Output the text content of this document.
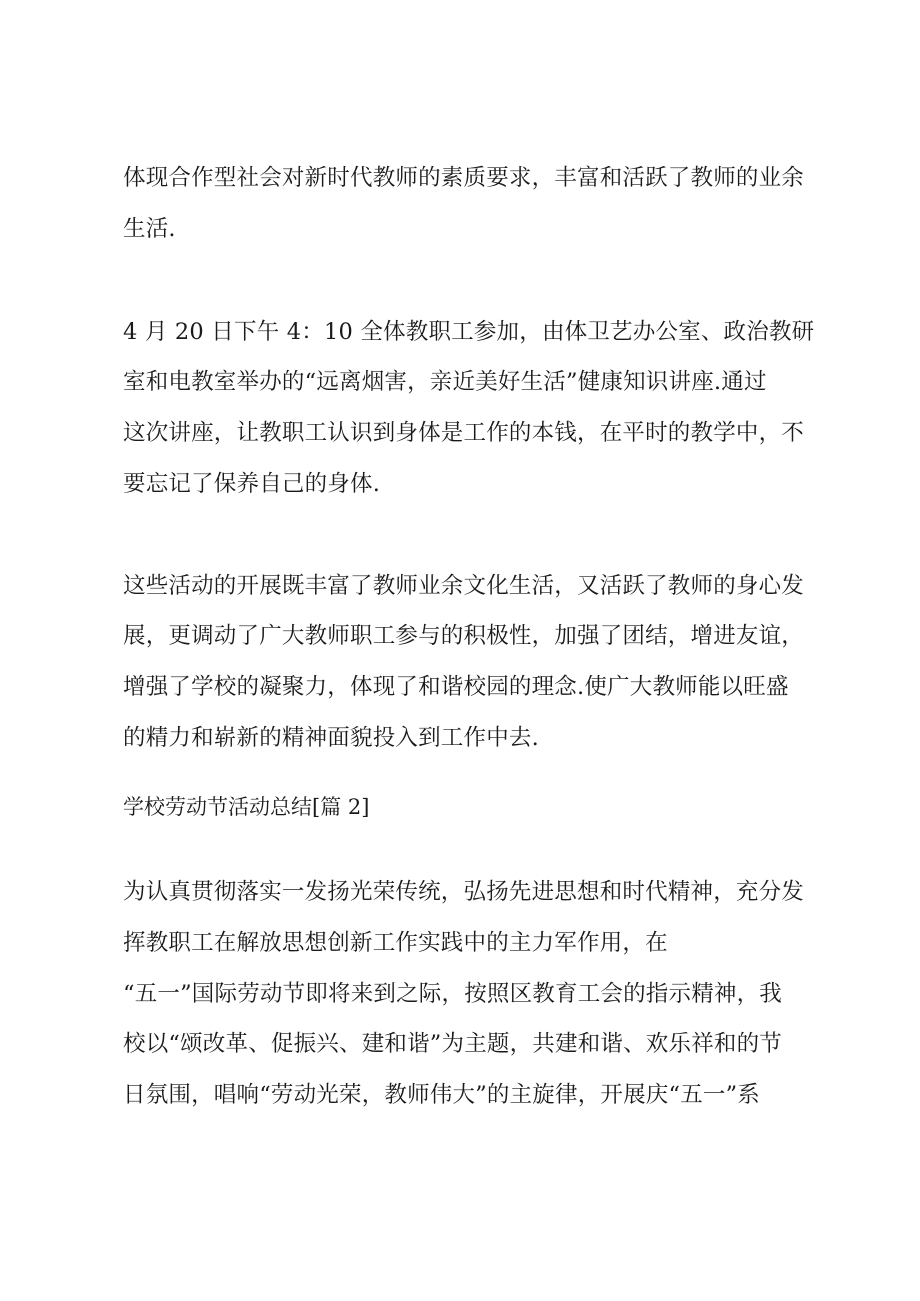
体现合作型社会对新时代教师的素质要求，丰富和活跃了教师的业余
生活.
4 月 20 日下午 4：10 全体教职工参加，由体卫艺办公室、政治教研
室和电教室举办的“远离烟害，亲近美好生活”健康知识讲座.通过
这次讲座，让教职工认识到身体是工作的本钱，在平时的教学中，不
要忘记了保养自己的身体.
这些活动的开展既丰富了教师业余文化生活，又活跃了教师的身心发
展，更调动了广大教师职工参与的积极性，加强了团结，增进友谊，
增强了学校的凝聚力，体现了和谐校园的理念.使广大教师能以旺盛
的精力和崭新的精神面貌投入到工作中去.
学校劳动节活动总结[篇 2]
为认真贯彻落实一发扬光荣传统，弘扬先进思想和时代精神，充分发
挥教职工在解放思想创新工作实践中的主力军作用，在
“五一”国际劳动节即将来到之际，按照区教育工会的指示精神，我
校以“颂改革、促振兴、建和谐”为主题，共建和谐、欢乐祥和的节
日氛围，唱响“劳动光荣，教师伟大”的主旋律，开展庆“五一”系
